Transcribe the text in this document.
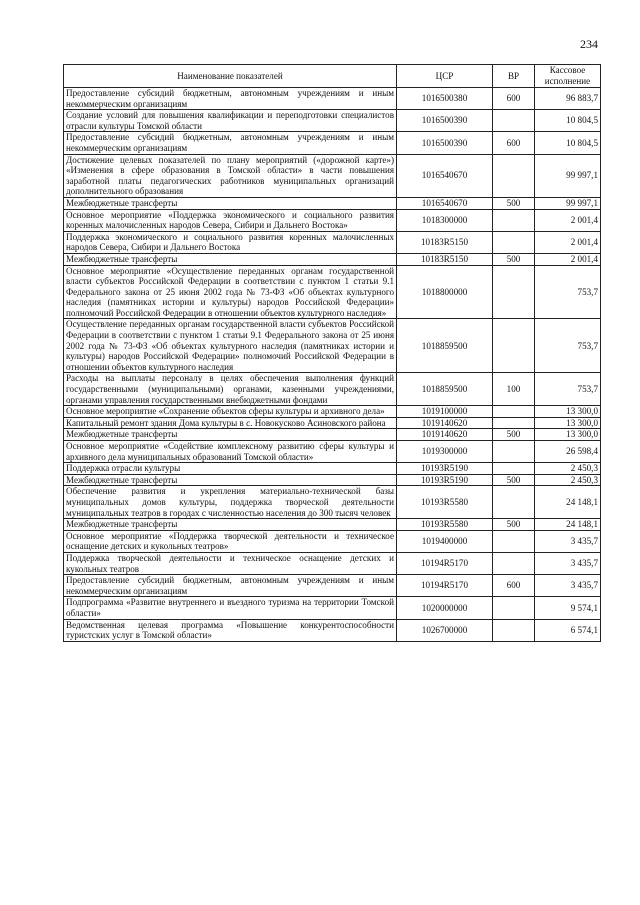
234
Наименование показателей	ЦСР	ВР	Кассовое исполнение
Предоставление субсидий бюджетным, автономным учреждениям и иным некоммерческим организациям	1016500380	600	96 883,7
Создание условий для повышения квалификации и переподготовки специалистов отрасли культуры Томской области	1016500390		10 804,5
Предоставление субсидий бюджетным, автономным учреждениям и иным некоммерческим организациям	1016500390	600	10 804,5
Достижение целевых показателей по плану мероприятий («дорожной карте») «Изменения в сфере образования в Томской области» в части повышения заработной платы педагогических работников муниципальных организаций дополнительного образования	1016540670		99 997,1
Межбюджетные трансферты	1016540670	500	99 997,1
Основное мероприятие «Поддержка экономического и социального развития коренных малочисленных народов Севера, Сибири и Дальнего Востока»	1018300000		2 001,4
Поддержка экономического и социального развития коренных малочисленных народов Севера, Сибири и Дальнего Востока	10183R5150		2 001,4
Межбюджетные трансферты	10183R5150	500	2 001,4
Основное мероприятие «Осуществление переданных органам государственной власти субъектов Российской Федерации в соответствии с пунктом 1 статьи 9.1 Федерального закона от 25 июня 2002 года № 73-ФЗ «Об объектах культурного наследия (памятниках истории и культуры) народов Российской Федерации» полномочий Российской Федерации в отношении объектов культурного наследия»	1018800000		753,7
Осуществление переданных органам государственной власти субъектов Российской Федерации в соответствии с пунктом 1 статьи 9.1 Федерального закона от 25 июня 2002 года № 73-ФЗ «Об объектах культурного наследия (памятниках истории и культуры) народов Российской Федерации» полномочий Российской Федерации в отношении объектов культурного наследия	1018859500		753,7
Расходы на выплаты персоналу в целях обеспечения выполнения функций государственными (муниципальными) органами, казенными учреждениями, органами управления государственными внебюджетными фондами	1018859500	100	753,7
Основное мероприятие «Сохранение объектов сферы культуры и архивного дела»	1019100000		13 300,0
Капитальный ремонт здания Дома культуры в с. Новокусково Асиновского района	1019140620		13 300,0
Межбюджетные трансферты	1019140620	500	13 300,0
Основное мероприятие «Содействие комплексному развитию сферы культуры и архивного дела муниципальных образований Томской области»	1019300000		26 598,4
Поддержка отрасли культуры	10193R5190		2 450,3
Межбюджетные трансферты	10193R5190	500	2 450,3
Обеспечение развития и укрепления материально-технической базы муниципальных домов культуры, поддержка творческой деятельности муниципальных театров в городах с численностью населения до 300 тысяч человек	10193R5580		24 148,1
Межбюджетные трансферты	10193R5580	500	24 148,1
Основное мероприятие «Поддержка творческой деятельности и техническое оснащение детских и кукольных театров»	1019400000		3 435,7
Поддержка творческой деятельности и техническое оснащение детских и кукольных театров	10194R5170		3 435,7
Предоставление субсидий бюджетным, автономным учреждениям и иным некоммерческим организациям	10194R5170	600	3 435,7
Подпрограмма «Развитие внутреннего и въездного туризма на территории Томской области»	1020000000		9 574,1
Ведомственная целевая программа «Повышение конкурентоспособности туристских услуг в Томской области»	1026700000		6 574,1
